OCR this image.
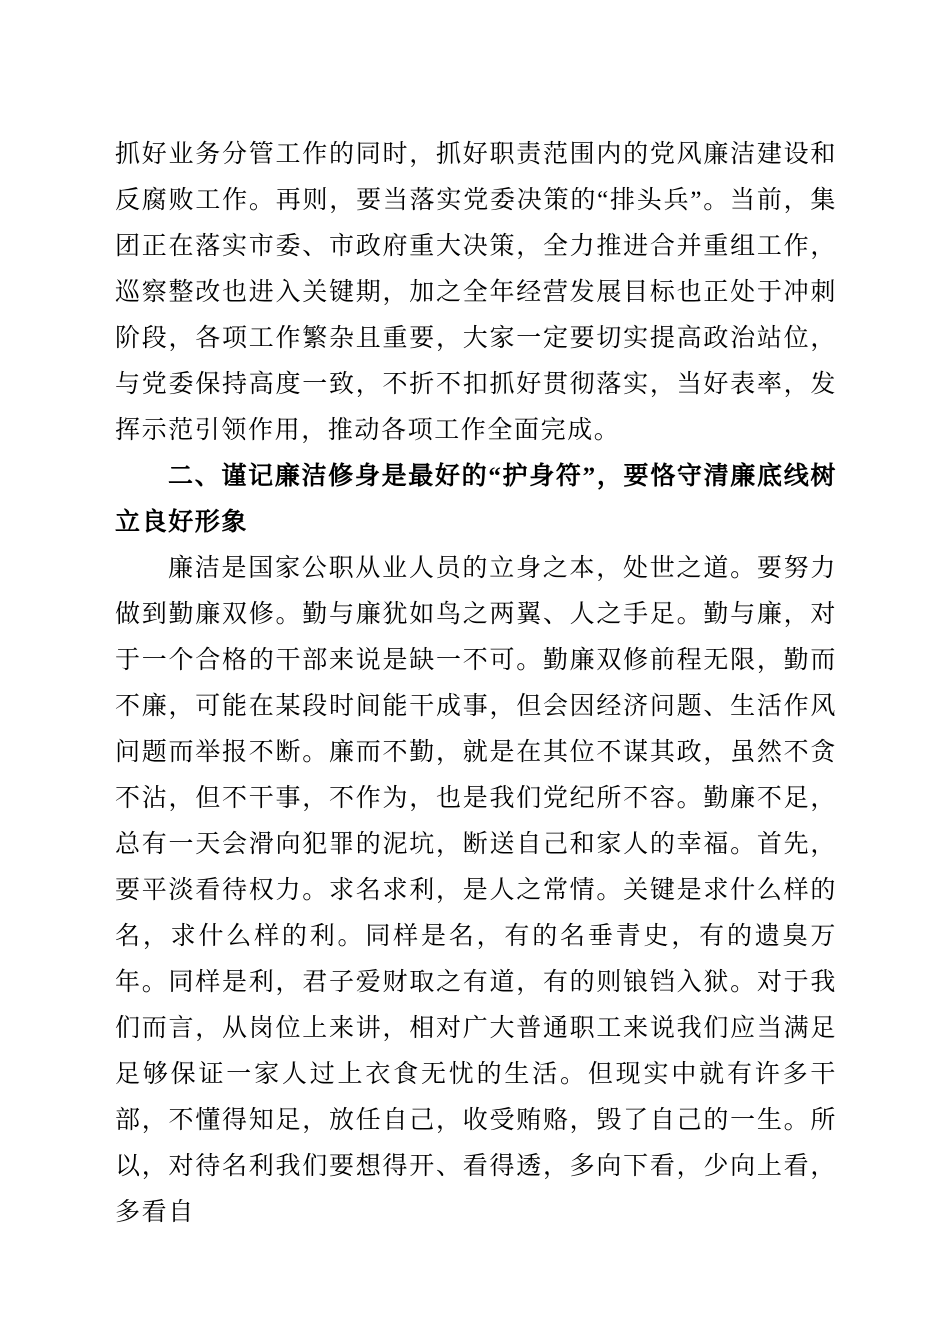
抓好业务分管工作的同时，抓好职责范围内的党风廉洁建设和反腐败工作。再则，要当落实党委决策的“排头兵”。当前，集团正在落实市委、市政府重大决策，全力推进合并重组工作，巡察整改也进入关键期，加之全年经营发展目标也正处于冲刺阶段，各项工作繁杂且重要，大家一定要切实提高政治站位，与党委保持高度一致，不折不扣抓好贯彻落实，当好表率，发挥示范引领作用，推动各项工作全面完成。

二、谨记廉洁修身是最好的“护身符”，要恪守清廉底线树立良好形象

廉洁是国家公职从业人员的立身之本，处世之道。要努力做到勤廉双修。勤与廉犹如鸟之两翼、人之手足。勤与廉，对于一个合格的干部来说是缺一不可。勤廉双修前程无限，勤而不廉，可能在某段时间能干成事，但会因经济问题、生活作风问题而举报不断。廉而不勤，就是在其位不谋其政，虽然不贪不沾，但不干事，不作为，也是我们党纪所不容。勤廉不足，总有一天会滑向犯罪的泥坑，断送自己和家人的幸福。首先，要平淡看待权力。求名求利，是人之常情。关键是求什么样的名，求什么样的利。同样是名，有的名垂青史，有的遗臭万年。同样是利，君子爱财取之有道，有的则锒铛入狱。对于我们而言，从岗位上来讲，相对广大普通职工来说我们应当满足足够保证一家人过上衣食无忧的生活。但现实中就有许多干部，不懂得知足，放任自己，收受贿赂，毁了自己的一生。所以，对待名利我们要想得开、看得透，多向下看，少向上看，多看自
